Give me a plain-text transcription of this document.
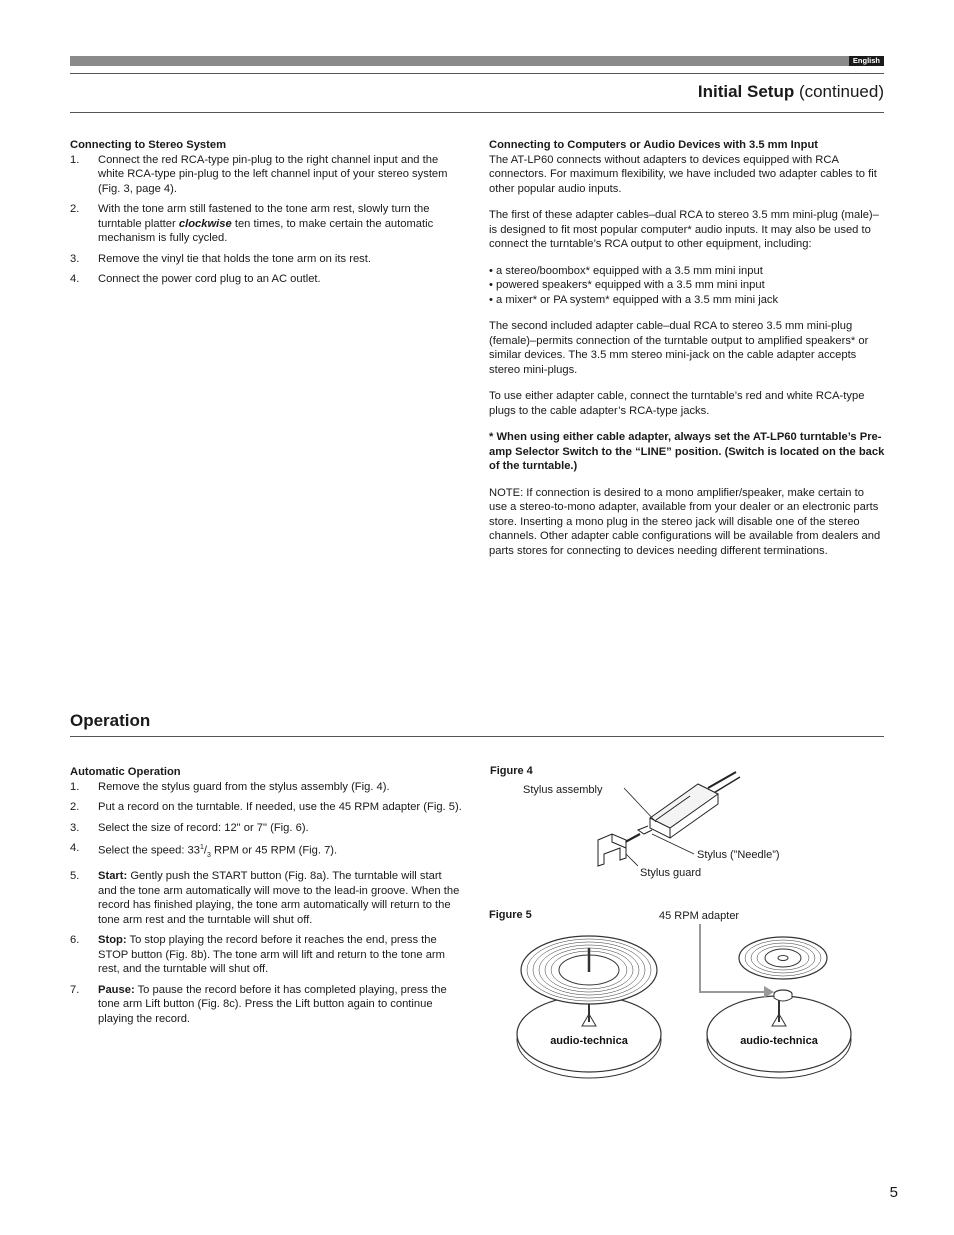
English
Initial Setup (continued)
Connecting to Stereo System
1. Connect the red RCA-type pin-plug to the right channel input and the white RCA-type pin-plug to the left channel input of your stereo system (Fig. 3, page 4).
2. With the tone arm still fastened to the tone arm rest, slowly turn the turntable platter clockwise ten times, to make certain the automatic mechanism is fully cycled.
3. Remove the vinyl tie that holds the tone arm on its rest.
4. Connect the power cord plug to an AC outlet.
Connecting to Computers or Audio Devices with 3.5 mm Input

The AT-LP60 connects without adapters to devices equipped with RCA connectors. For maximum flexibility, we have included two adapter cables to fit other popular audio inputs.

The first of these adapter cables–dual RCA to stereo 3.5 mm mini-plug (male)–is designed to fit most popular computer* audio inputs. It may also be used to connect the turntable’s RCA output to other equipment, including:

• a stereo/boombox* equipped with a 3.5 mm mini input
• powered speakers* equipped with a 3.5 mm mini input
• a mixer* or PA system* equipped with a 3.5 mm mini jack

The second included adapter cable–dual RCA to stereo 3.5 mm mini-plug (female)–permits connection of the turntable output to amplified speakers* or similar devices. The 3.5 mm stereo mini-jack on the cable adapter accepts stereo mini-plugs.

To use either adapter cable, connect the turntable’s red and white RCA-type plugs to the cable adapter’s RCA-type jacks.

* When using either cable adapter, always set the AT-LP60 turntable’s Pre-amp Selector Switch to the “LINE” position. (Switch is located on the back of the turntable.)

NOTE: If connection is desired to a mono amplifier/speaker, make certain to use a stereo-to-mono adapter, available from your dealer or an electronic parts store. Inserting a mono plug in the stereo jack will disable one of the stereo channels. Other adapter cable configurations will be available from dealers and parts stores for connecting to devices needing different terminations.

Operation
Automatic Operation
1. Remove the stylus guard from the stylus assembly (Fig. 4).
2. Put a record on the turntable. If needed, use the 45 RPM adapter (Fig. 5).
3. Select the size of record: 12" or 7" (Fig. 6).
4. Select the speed: $33^1/_3$ RPM or 45 RPM (Fig. 7).
5. Start: Gently push the START button (Fig. 8a). The turntable will start and the tone arm automatically will move to the lead-in groove. When the record has finished playing, the tone arm automatically will return to the tone arm rest and the turntable will shut off.
6. Stop: To stop playing the record before it reaches the end, press the STOP button (Fig. 8b). The tone arm will lift and return to the tone arm rest, and the turntable will shut off.
7. Pause: To pause the record before it has completed playing, press the tone arm Lift button (Fig. 8c). Press the Lift button again to continue playing the record.
Figure 4
Stylus assembly
Stylus (”Needle”)
Stylus guard
Figure 5	45 RPM adapter
audio-technica	audio-technica
5
